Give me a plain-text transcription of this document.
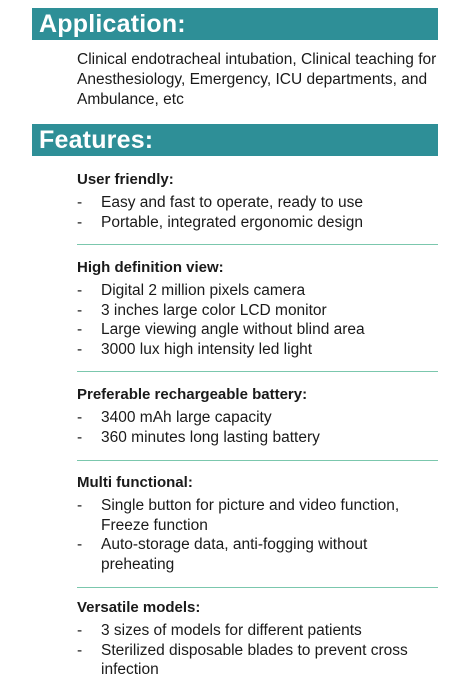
Application:
Clinical endotracheal intubation, Clinical teaching for Anesthesiology, Emergency, ICU departments, and Ambulance, etc
Features:
User friendly:
- Easy and fast to operate, ready to use
- Portable, integrated ergonomic design
High definition view:
- Digital 2 million pixels camera
- 3 inches large color LCD monitor
- Large viewing angle without blind area
- 3000 lux high intensity led light
Preferable rechargeable battery:
- 3400 mAh large capacity
- 360 minutes long lasting battery
Multi functional:
- Single button for picture and video function, Freeze function
- Auto-storage data, anti-fogging without preheating
Versatile models:
- 3 sizes of models for different patients
- Sterilized disposable blades to prevent cross infection
